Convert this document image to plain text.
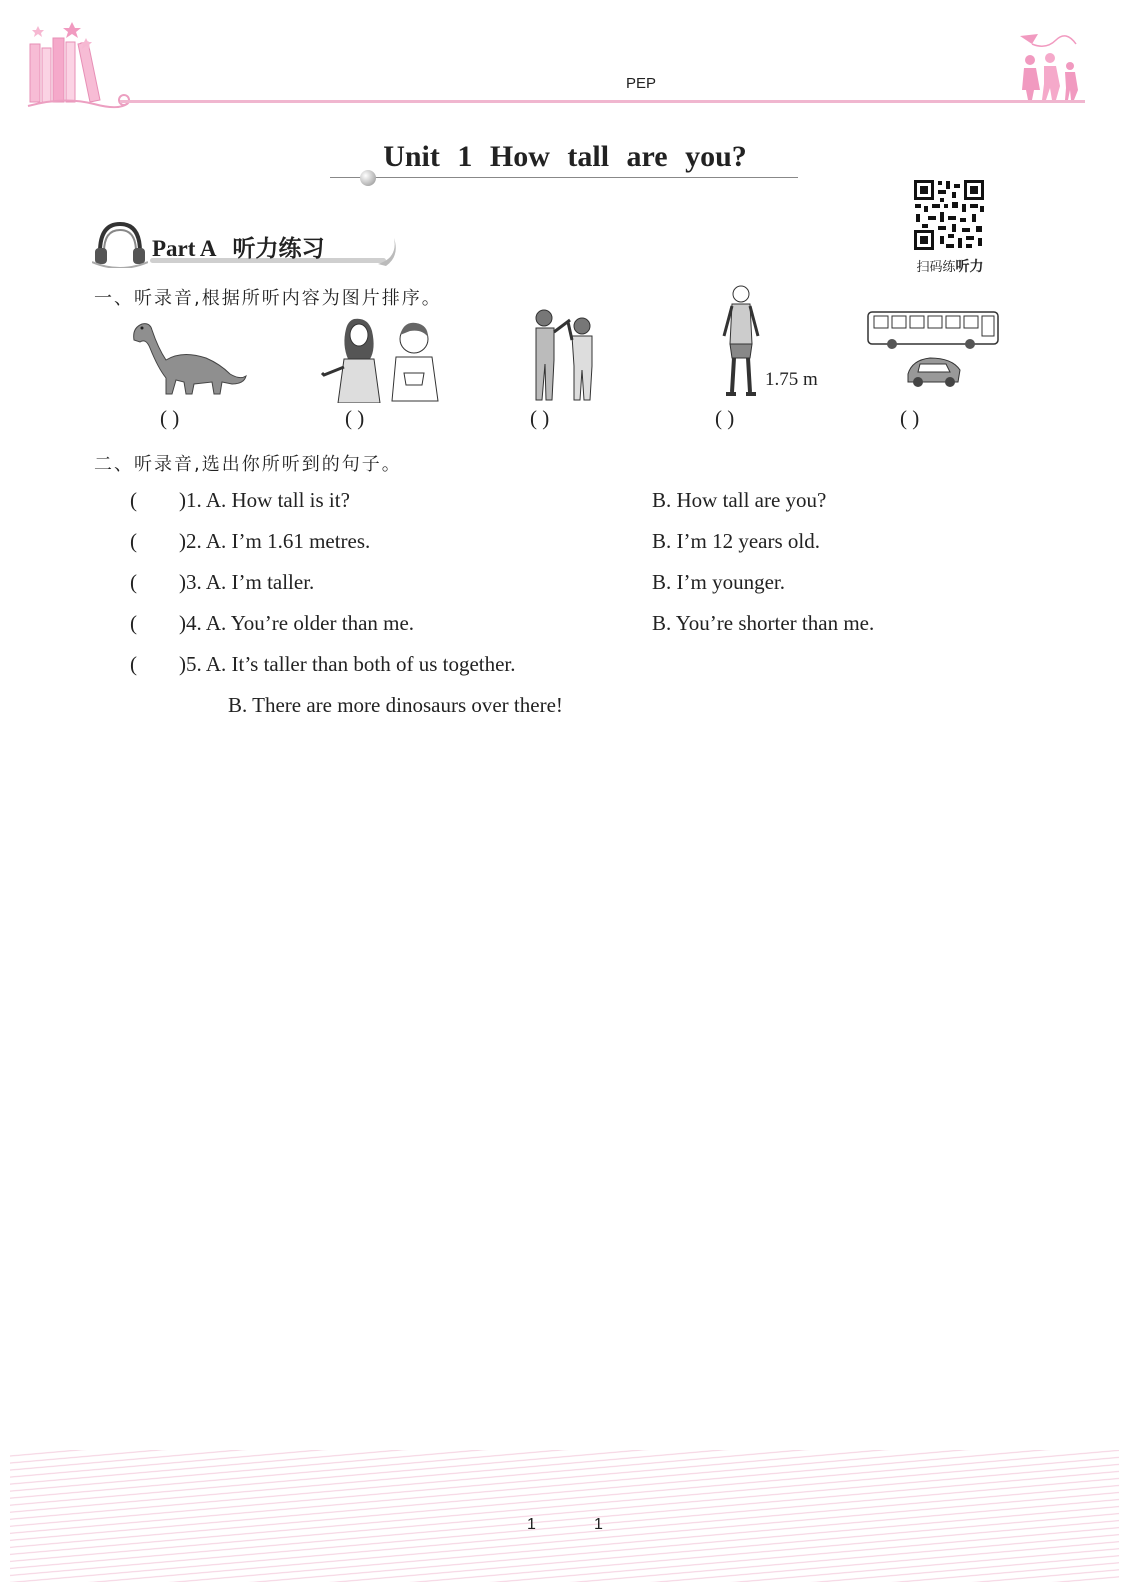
PEP
Unit 1 How tall are you?
扫码练听力
Part A   听力练习
一、听录音,根据所听内容为图片排序。
1.75 m
( )	( )	( )	( )	( )
二、听录音,选出你所听到的句子。
(        )1. A. How tall is it?	B. How tall are you?
(        )2. A. I’m 1.61 metres.	B. I’m 12 years old.
(        )3. A. I’m taller.	B. I’m younger.
(        )4. A. You’re older than me.	B. You’re shorter than me.
(        )5. A. It’s taller than both of us together.
B. There are more dinosaurs over there!
1	1
